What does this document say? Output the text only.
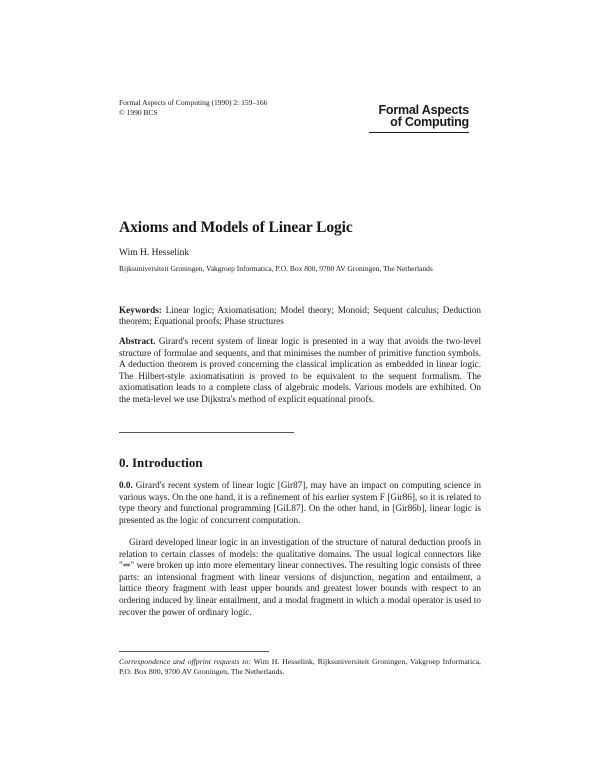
Formal Aspects of Computing (1990) 2: 159–166
© 1990 BCS	Formal Aspects
of Computing
Axioms and Models of Linear Logic
Wim H. Hesselink
Rijksuniversiteit Groningen, Vakgroep Informatica, P.O. Box 800, 9700 AV Groningen, The Netherlands
Keywords: Linear logic; Axiomatisation; Model theory; Monoid; Sequent calculus; Deduction theorem; Equational proofs; Phase structures
Abstract. Girard's recent system of linear logic is presented in a way that avoids the two-level structure of formulae and sequents, and that minimises the number of primitive function symbols. A deduction theorem is proved concerning the classical implication as embedded in linear logic. The Hilbert-style axiomatisation is proved to be equivalent to the sequent formalism. The axiomatisation leads to a complete class of algebraic models. Various models are exhibited. On the meta-level we use Dijkstra's method of explicit equational proofs.
0. Introduction
0.0. Girard's recent system of linear logic [Gir87], may have an impact on computing science in various ways. On the one hand, it is a refinement of his earlier system F [Gir86], so it is related to type theory and functional programming [GiL87]. On the other hand, in [Gir86b], linear logic is presented as the logic of concurrent computation.
Girard developed linear logic in an investigation of the structure of natural deduction proofs in relation to certain classes of models: the qualitative domains. The usual logical connectors like "⇒" were broken up into more elementary linear connectives. The resulting logic consists of three parts: an intensional fragment with linear versions of disjunction, negation and entailment, a lattice theory fragment with least upper bounds and greatest lower bounds with respect to an ordering induced by linear entailment, and a modal fragment in which a modal operator is used to recover the power of ordinary logic.
Correspondence and offprint requests to: Wim H. Hesselink, Rijksuniversiteit Groningen, Vakgroep Informatica, P.O. Box 800, 9700 AV Groningen, The Netherlands.
